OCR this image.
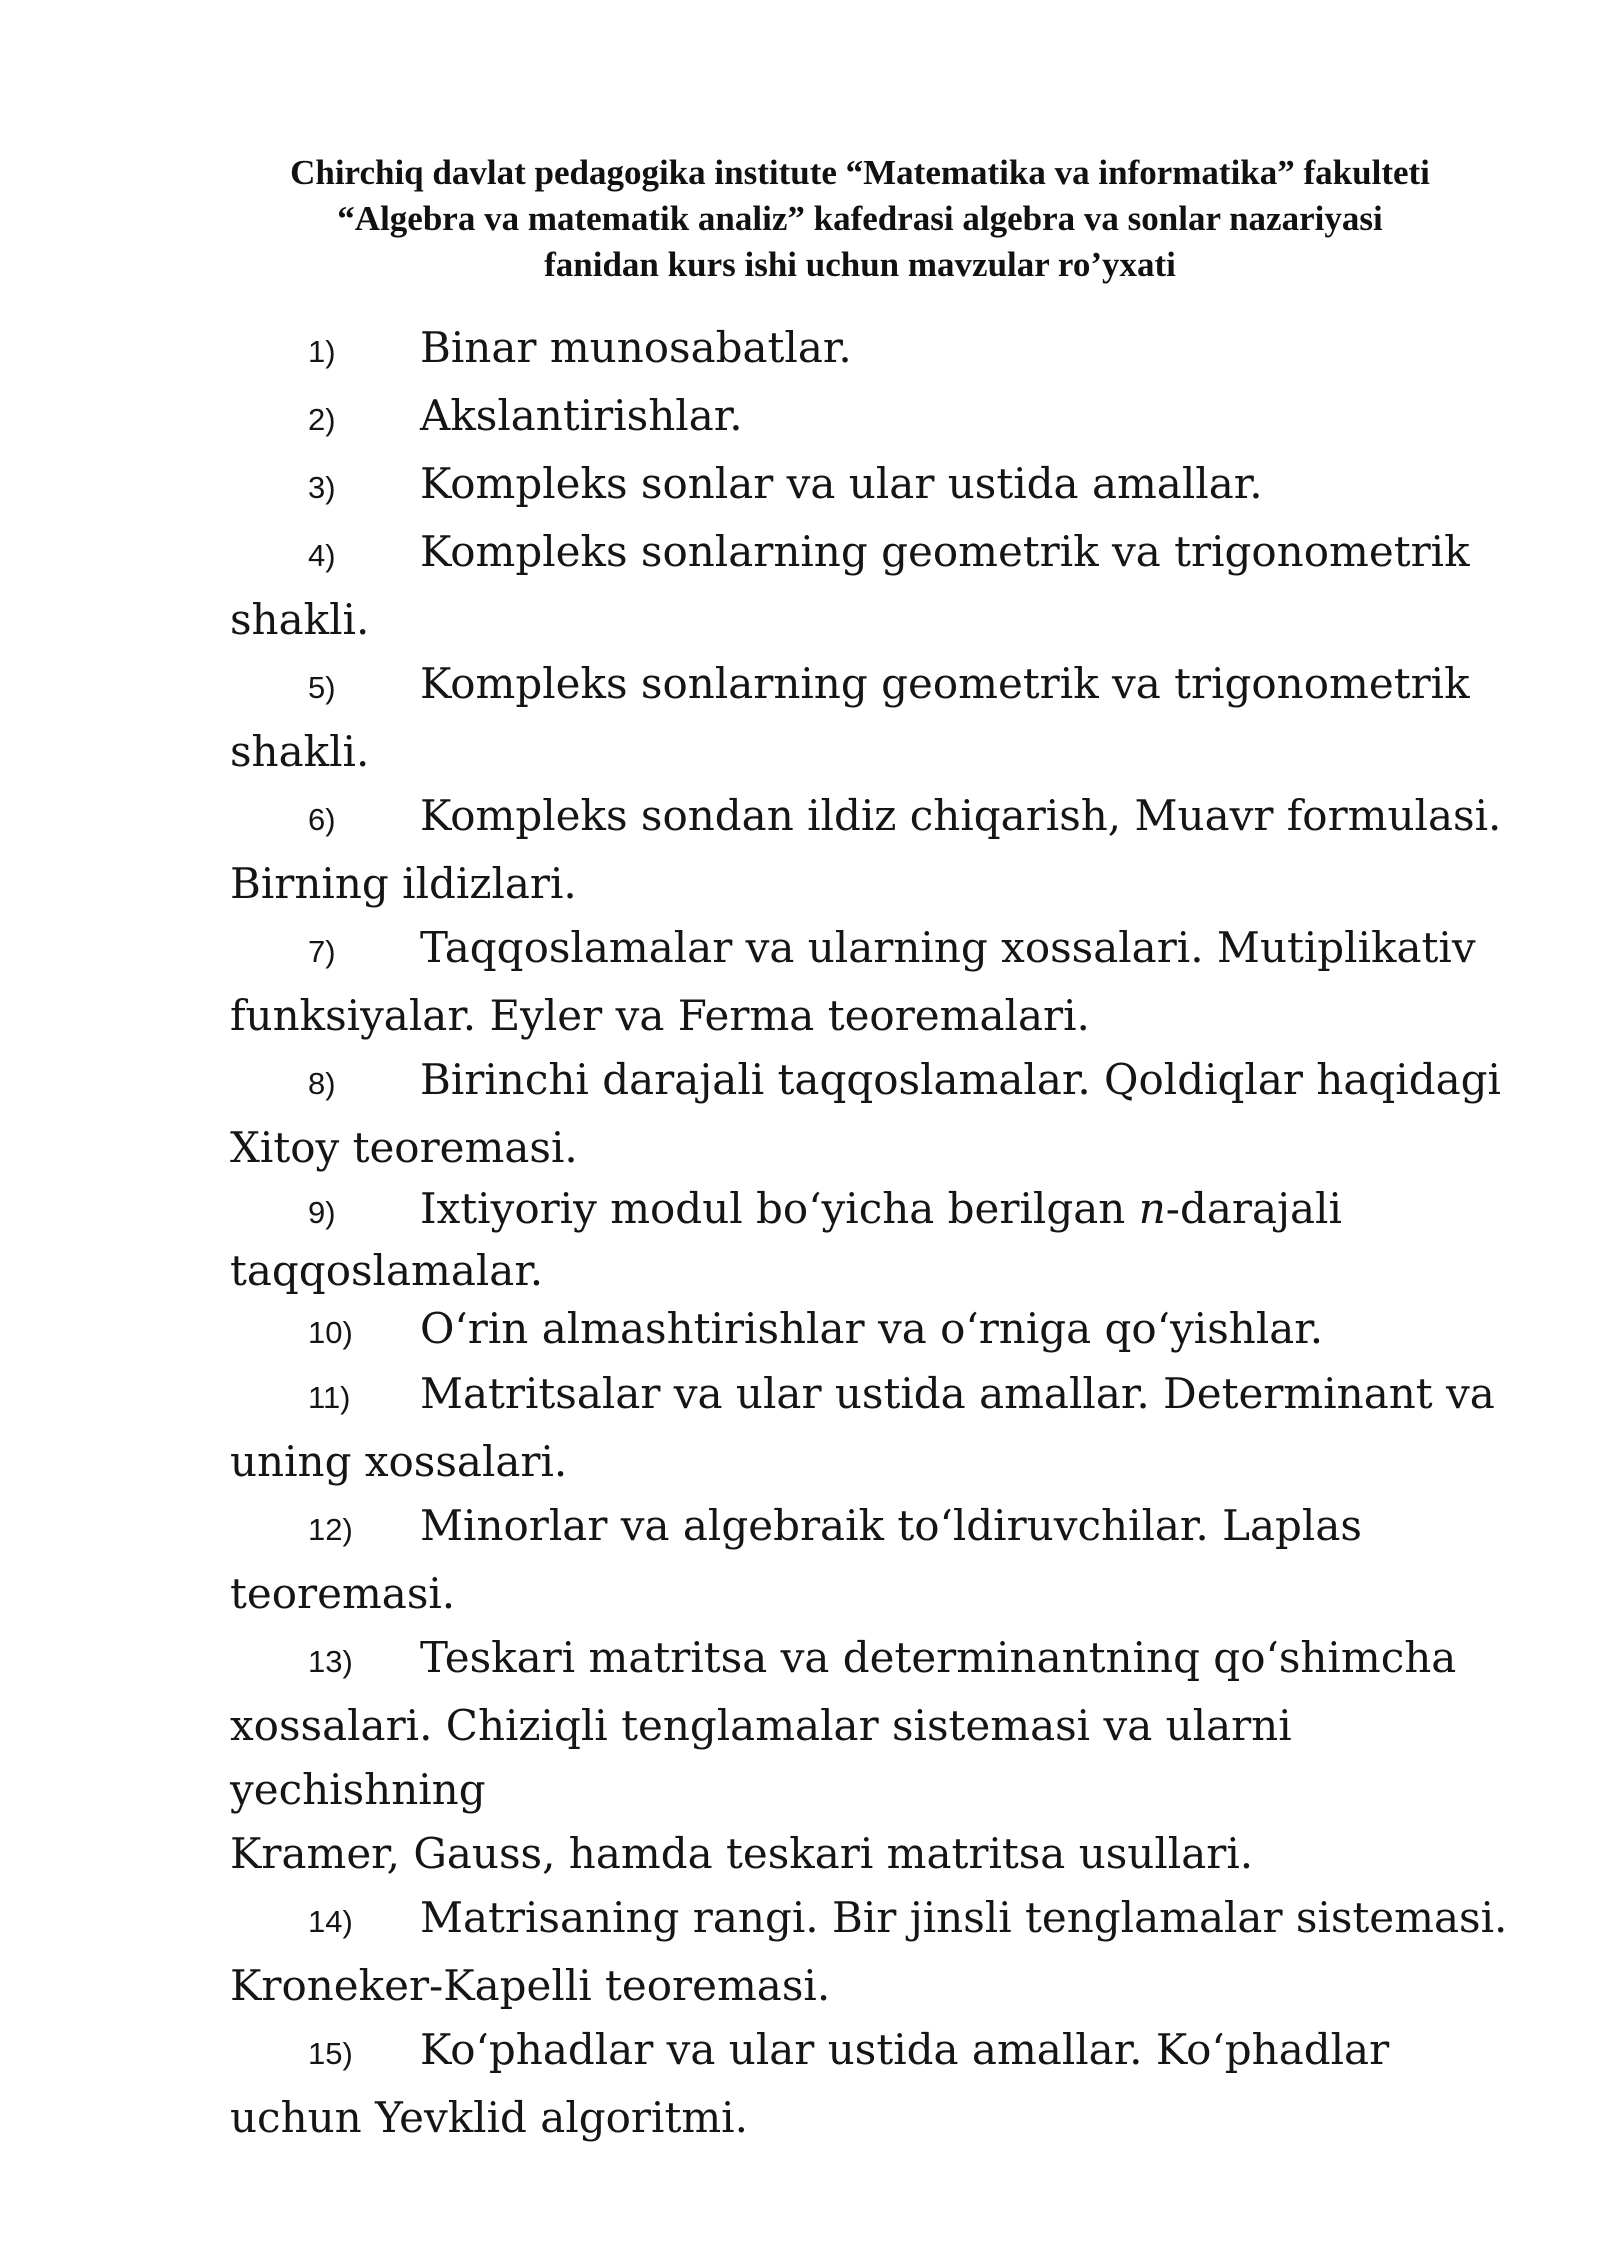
Chirchiq davlat pedagogika institute “Matematika va informatika” fakulteti
“Algebra va matematik analiz” kafedrasi algebra va sonlar nazariyasi
fanidan kurs ishi uchun mavzular ro’yxati
1) Binar munosabatlar.
2) Akslantirishlar.
3) Kompleks sonlar va ular ustida amallar.
4) Kompleks sonlarning geometrik va trigonometrik shakli.
5) Kompleks sonlarning geometrik va trigonometrik shakli.
6) Kompleks sondan ildiz chiqarish, Muavr formulasi. Birning ildizlari.
7) Taqqoslamalar va ularning xossalari. Mutiplikativ funksiyalar. Eyler va Ferma teoremalari.
8) Birinchi darajali taqqoslamalar. Qoldiqlar haqidagi Xitoy teoremasi.
9) Ixtiyoriy modul bo‘yicha berilgan n-darajali taqqoslamalar.
10) O‘rin almashtirishlar va o‘rniga qo‘yishlar.
11) Matritsalar va ular ustida amallar. Determinant va uning xossalari.
12) Minorlar va algebraik to‘ldiruvchilar. Laplas teoremasi.
13) Teskari matritsa va determinantninq qo‘shimcha xossalari. Chiziqli tenglamalar sistemasi va ularni yechishning
Kramer, Gauss, hamda teskari matritsa usullari.
14) Matrisaning rangi. Bir jinsli tenglamalar sistemasi. Kroneker-Kapelli teoremasi.
15) Ko‘phadlar va ular ustida amallar. Ko‘phadlar uchun Yevklid algoritmi.
